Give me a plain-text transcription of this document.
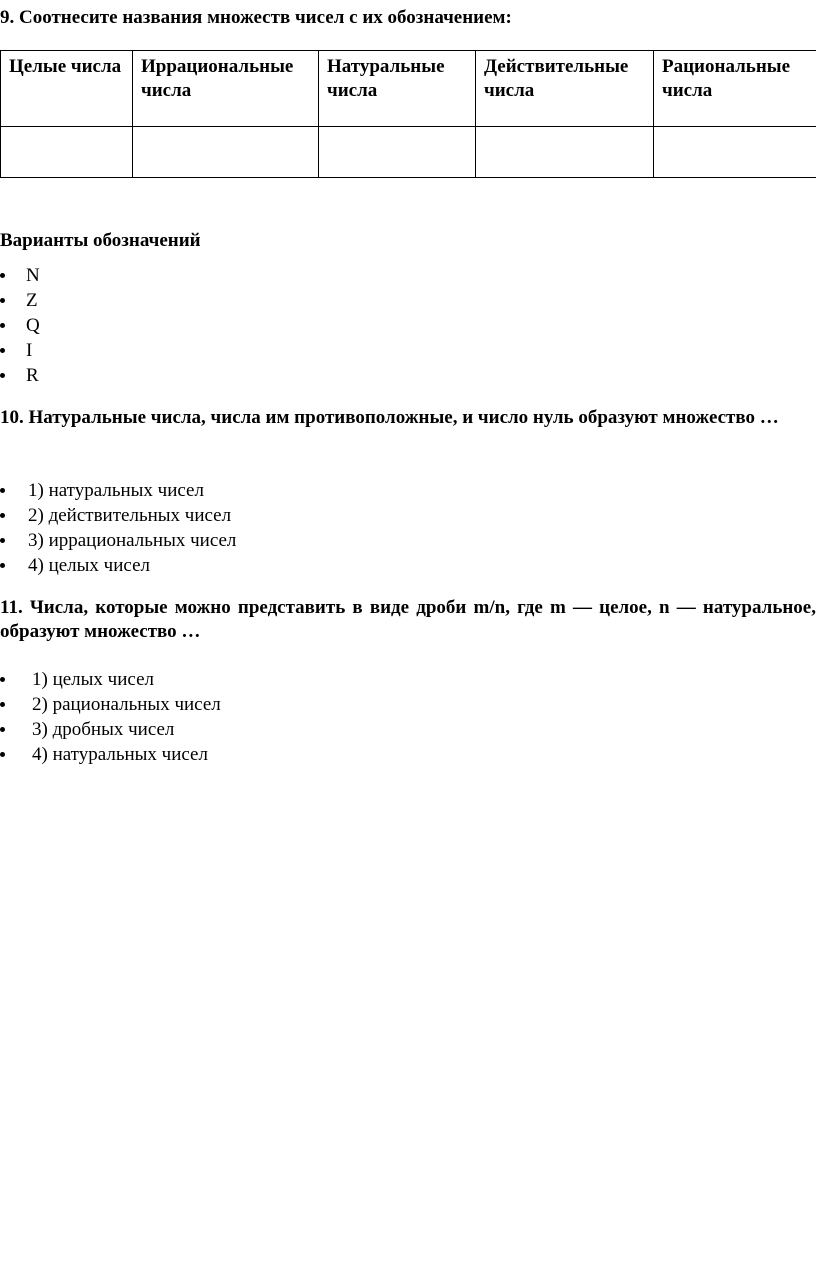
9. Соотнесите названия множеств чисел с их обозначением:
Целые числа	Иррациональные числа	Натуральные числа	Действительные числа	Рациональные числа

Варианты обозначений
N
Z
Q
I
R
10. Натуральные числа, числа им противоположные, и число нуль образуют множество …
1) натуральных чисел
2) действительных чисел
3) иррациональных чисел
4) целых чисел
11. Числа, которые можно представить в виде дроби m/n, где m — целое, n — натуральное, образуют множество …
1) целых чисел
2) рациональных чисел
3) дробных чисел
4) натуральных чисел
